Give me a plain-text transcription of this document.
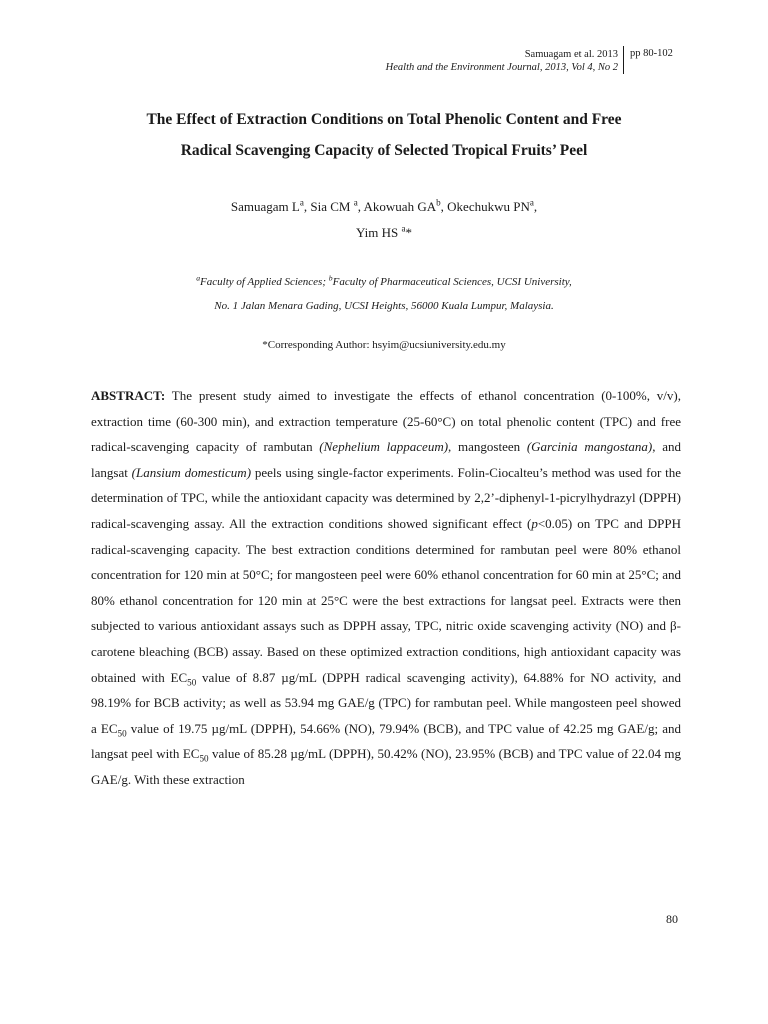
Samuagam et al. 2013
Health and the Environment Journal, 2013, Vol 4, No 2
pp 80-102
The Effect of Extraction Conditions on Total Phenolic Content and Free
Radical Scavenging Capacity of Selected Tropical Fruits’ Peel
Samuagam $L^a$, Sia CM $^a$, Akowuah $GA^b$, Okechukwu $PN^a$,
Yim HS $^a$*
$^a$Faculty of Applied Sciences; $^b$Faculty of Pharmaceutical Sciences, UCSI University,
No. 1 Jalan Menara Gading, UCSI Heights, 56000 Kuala Lumpur, Malaysia.
*Corresponding Author: hsyim@ucsiuniversity.edu.my
ABSTRACT: The present study aimed to investigate the effects of ethanol concentration (0-100%, v/v), extraction time (60-300 min), and extraction temperature (25-60°C) on total phenolic content (TPC) and free radical-scavenging capacity of rambutan (Nephelium lappaceum), mangosteen (Garcinia mangostana), and langsat (Lansium domesticum) peels using single-factor experiments. Folin-Ciocalteu’s method was used for the determination of TPC, while the antioxidant capacity was determined by 2,2’-diphenyl-1-picrylhydrazyl (DPPH) radical-scavenging assay. All the extraction conditions showed significant effect (p<0.05) on TPC and DPPH radical-scavenging capacity. The best extraction conditions determined for rambutan peel were 80% ethanol concentration for 120 min at 50°C; for mangosteen peel were 60% ethanol concentration for 60 min at 25°C; and 80% ethanol concentration for 120 min at 25°C were the best extractions for langsat peel. Extracts were then subjected to various antioxidant assays such as DPPH assay, TPC, nitric oxide scavenging activity (NO) and β-carotene bleaching (BCB) assay. Based on these optimized extraction conditions, high antioxidant capacity was obtained with $EC_{50}$ value of 8.87 µg/mL (DPPH radical scavenging activity), 64.88% for NO activity, and 98.19% for BCB activity; as well as 53.94 mg GAE/g (TPC) for rambutan peel. While mangosteen peel showed a $EC_{50}$ value of 19.75 µg/mL (DPPH), 54.66% (NO), 79.94% (BCB), and TPC value of 42.25 mg GAE/g; and langsat peel with $EC_{50}$ value of 85.28 µg/mL (DPPH), 50.42% (NO), 23.95% (BCB) and TPC value of 22.04 mg GAE/g. With these extraction
80
